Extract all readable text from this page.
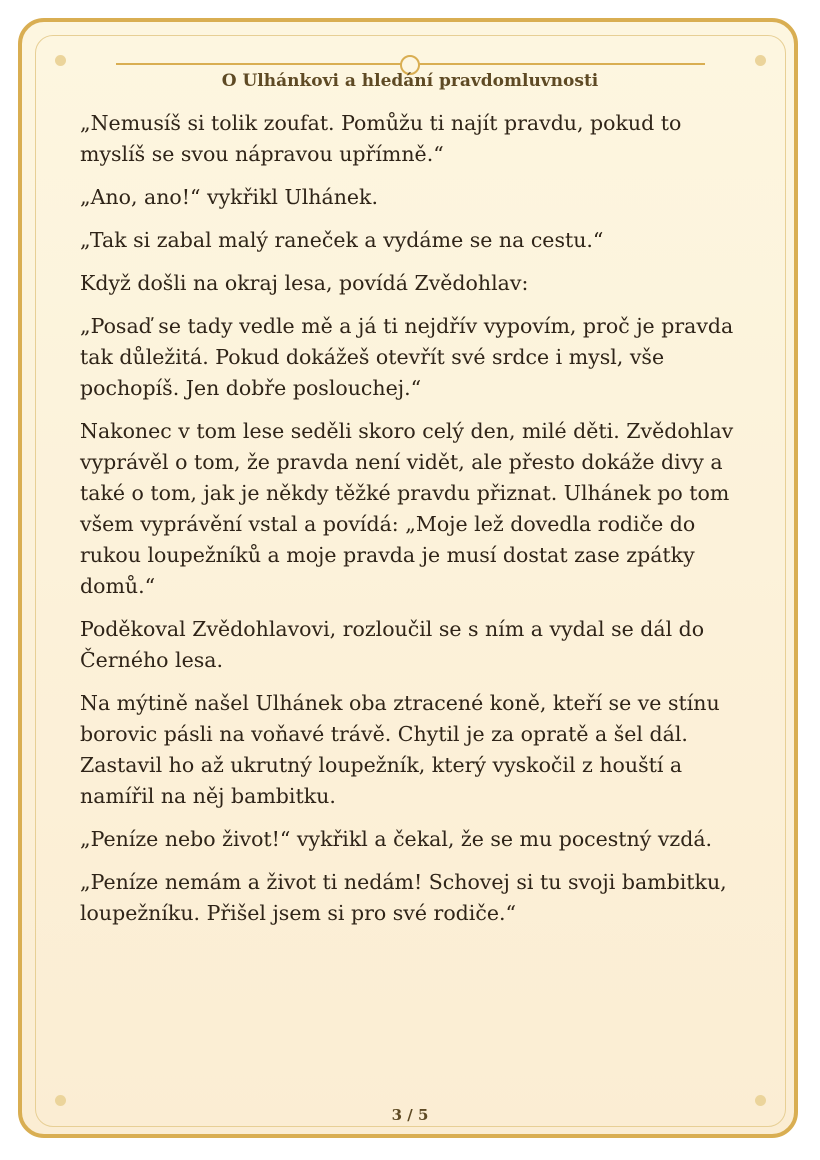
O Ulhánkovi a hledání pravdomluvnosti

„Nemusíš si tolik zoufat. Pomůžu ti najít pravdu, pokud to myslíš se svou nápravou upřímně.“

„Ano, ano!“ vykřikl Ulhánek.

„Tak si zabal malý raneček a vydáme se na cestu.“

Když došli na okraj lesa, povídá Zvědohlav:

„Posaď se tady vedle mě a já ti nejdřív vypovím, proč je pravda tak důležitá. Pokud dokážeš otevřít své srdce i mysl, vše pochopíš. Jen dobře poslouchej.“

Nakonec v tom lese seděli skoro celý den, milé děti. Zvědohlav vyprávěl o tom, že pravda není vidět, ale přesto dokáže divy a také o tom, jak je někdy těžké pravdu přiznat. Ulhánek po tom všem vyprávění vstal a povídá: „Moje lež dovedla rodiče do rukou loupežníků a moje pravda je musí dostat zase zpátky domů.“

Poděkoval Zvědohlavovi, rozloučil se s ním a vydal se dál do Černého lesa.

Na mýtině našel Ulhánek oba ztracené koně, kteří se ve stínu borovic pásli na voňavé trávě. Chytil je za opratě a šel dál. Zastavil ho až ukrutný loupežník, který vyskočil z houští a namířil na něj bambitku.

„Peníze nebo život!“ vykřikl a čekal, že se mu pocestný vzdá.

„Peníze nemám a život ti nedám! Schovej si tu svoji bambitku, loupežníku. Přišel jsem si pro své rodiče.“

3 / 5
